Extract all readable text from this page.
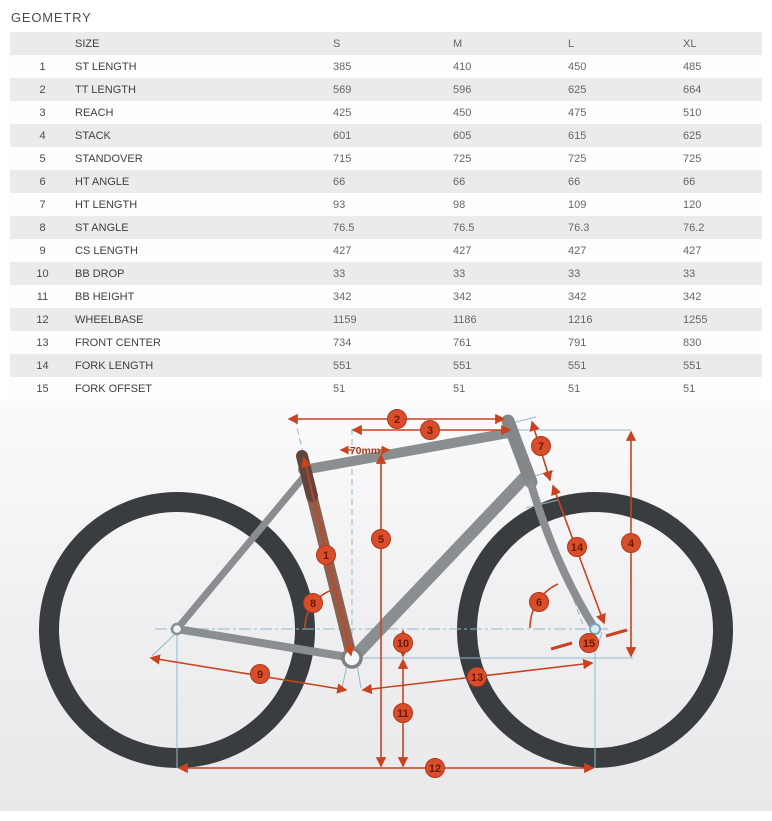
GEOMETRY
	SIZE	S	M	L	XL
1	ST LENGTH	385	410	450	485
2	TT LENGTH	569	596	625	664
3	REACH	425	450	475	510
4	STACK	601	605	615	625
5	STANDOVER	715	725	725	725
6	HT ANGLE	66	66	66	66
7	HT LENGTH	93	98	109	120
8	ST ANGLE	76.5	76.5	76.3	76.2
9	CS LENGTH	427	427	427	427
10	BB DROP	33	33	33	33
11	BB HEIGHT	342	342	342	342
12	WHEELBASE	1159	1186	1216	1255
13	FRONT CENTER	734	761	791	830
14	FORK LENGTH	551	551	551	551
15	FORK OFFSET	51	51	51	51
70mm
1
2
3
4
5
6
7
8
9
10
11
12
13
14
15
